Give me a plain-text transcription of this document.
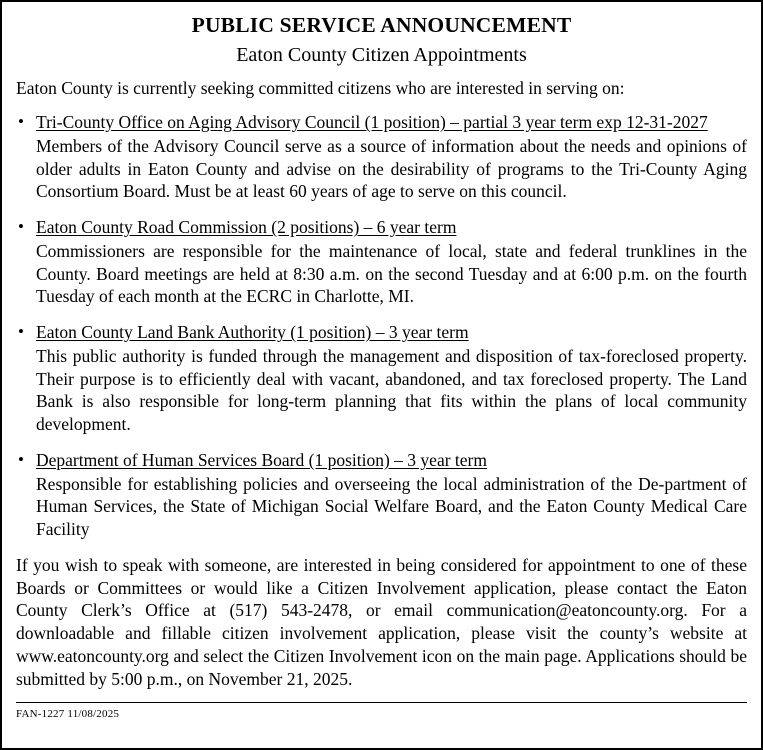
PUBLIC SERVICE ANNOUNCEMENT
Eaton County Citizen Appointments

Eaton County is currently seeking committed citizens who are interested in serving on:

• Tri-County Office on Aging Advisory Council (1 position) – partial 3 year term exp 12-31-2027
Members of the Advisory Council serve as a source of information about the needs and opinions of older adults in Eaton County and advise on the desirability of programs to the Tri-County Aging Consortium Board. Must be at least 60 years of age to serve on this council.
• Eaton County Road Commission (2 positions) – 6 year term
Commissioners are responsible for the maintenance of local, state and federal trunklines in the County. Board meetings are held at 8:30 a.m. on the second Tuesday and at 6:00 p.m. on the fourth Tuesday of each month at the ECRC in Charlotte, MI.
• Eaton County Land Bank Authority (1 position) – 3 year term
This public authority is funded through the management and disposition of tax-foreclosed property. Their purpose is to efficiently deal with vacant, abandoned, and tax foreclosed property. The Land Bank is also responsible for long-term planning that fits within the plans of local community development.
• Department of Human Services Board (1 position) – 3 year term
Responsible for establishing policies and overseeing the local administration of the De-partment of Human Services, the State of Michigan Social Welfare Board, and the Eaton County Medical Care Facility

If you wish to speak with someone, are interested in being considered for appointment to one of these Boards or Committees or would like a Citizen Involvement application, please contact the Eaton County Clerk’s Office at (517) 543-2478, or email communication@eatoncounty.org. For a downloadable and fillable citizen involvement application, please visit the county’s website at www.eatoncounty.org and select the Citizen Involvement icon on the main page. Applications should be submitted by 5:00 p.m., on November 21, 2025.

FAN-1227 11/08/2025
